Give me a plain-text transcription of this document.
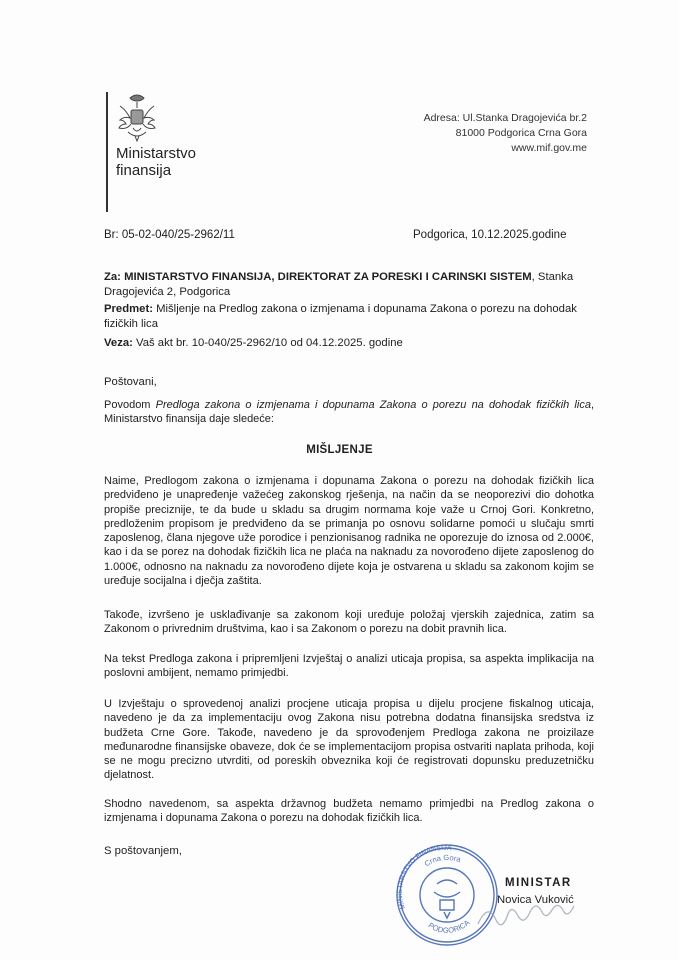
Ministarstvo
finansija
Adresa: Ul.Stanka Dragojevića br.2
81000 Podgorica Crna Gora
www.mif.gov.me
Br: 05-02-040/25-2962/11	Podgorica, 10.12.2025.godine
Za: MINISTARSTVO FINANSIJA, DIREKTORAT ZA PORESKI I CARINSKI SISTEM, Stanka Dragojevića 2, Podgorica
Predmet: Mišljenje na Predlog zakona o izmjenama i dopunama Zakona o porezu na dohodak fizičkih lica
Veza: Vaš akt br. 10-040/25-2962/10 od 04.12.2025. godine
Poštovani,
Povodom Predloga zakona o izmjenama i dopunama Zakona o porezu na dohodak fizičkih lica, Ministarstvo finansija daje sledeće:
MIŠLJENJE
Naime, Predlogom zakona o izmjenama i dopunama Zakona o porezu na dohodak fizičkih lica predviđeno je unapređenje važećeg zakonskog rješenja, na način da se neoporezivi dio dohotka propiše preciznije, te da bude u skladu sa drugim normama koje važe u Crnoj Gori. Konkretno, predloženim propisom je predviđeno da se primanja po osnovu solidarne pomoći u slučaju smrti zaposlenog, člana njegove uže porodice i penzionisanog radnika ne oporezuje do iznosa od 2.000€, kao i da se porez na dohodak fizičkih lica ne plaća na naknadu za novorođeno dijete zaposlenog do 1.000€, odnosno na naknadu za novorođeno dijete koja je ostvarena u skladu sa zakonom kojim se uređuje socijalna i dječja zaštita.
Takođe, izvršeno je usklađivanje sa zakonom koji uređuje položaj vjerskih zajednica, zatim sa Zakonom o privrednim društvima, kao i sa Zakonom o porezu na dobit pravnih lica.
Na tekst Predloga zakona i pripremljeni Izvještaj o analizi uticaja propisa, sa aspekta implikacija na poslovni ambijent, nemamo primjedbi.
U Izvještaju o sprovedenoj analizi procjene uticaja propisa u dijelu procjene fiskalnog uticaja, navedeno je da za implementaciju ovog Zakona nisu potrebna dodatna finansijska sredstva iz budžeta Crne Gore. Takođe, navedeno je da sprovođenjem Predloga zakona ne proizilaze međunarodne finansijske obaveze, dok će se implementacijom propisa ostvariti naplata prihoda, koji se ne mogu precizno utvrditi, od poreskih obveznika koji će registrovati dopunsku preduzetničku djelatnost.
Shodno navedenom, sa aspekta državnog budžeta nemamo primjedbi na Predlog zakona o izmjenama i dopunama Zakona o porezu na dohodak fizičkih lica.
S poštovanjem,
Crna Gora
MINISTARSTVO FINANSIJA
PODGORICA
MINISTAR
Novica Vuković
